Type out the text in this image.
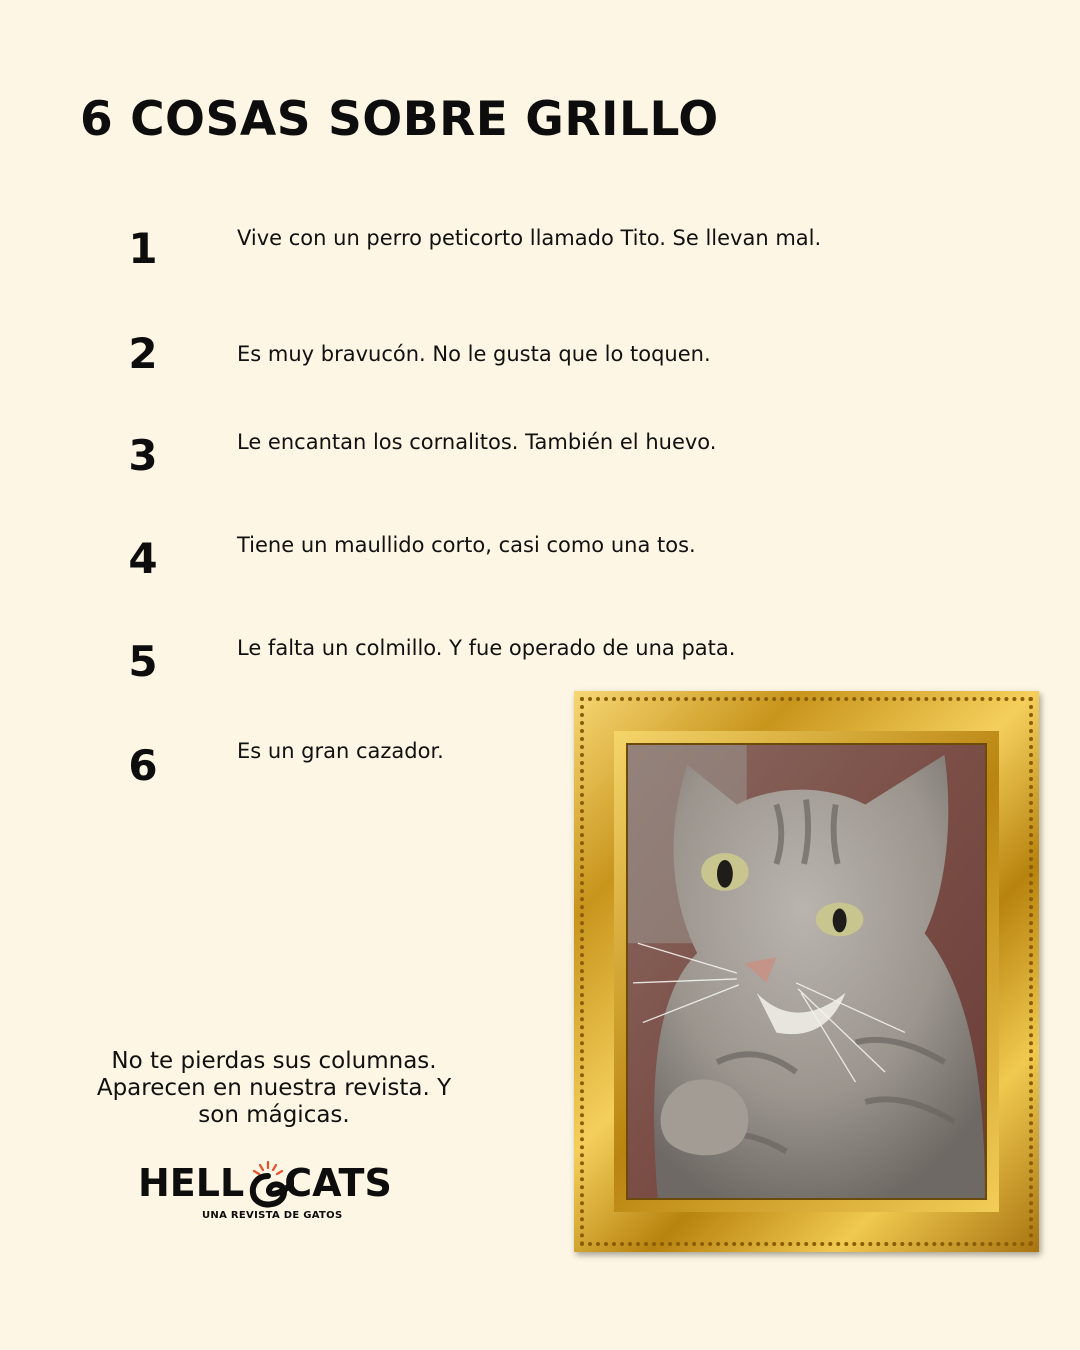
6 COSAS SOBRE GRILLO
1	Vive con un perro peticorto llamado Tito. Se llevan mal.
2	Es muy bravucón. No le gusta que lo toquen.
3	Le encantan los cornalitos. También el huevo.
4	Tiene un maullido corto, casi como una tos.
5	Le falta un colmillo. Y fue operado de una pata.
6	Es un gran cazador.
No te pierdas sus columnas. Aparecen en nuestra revista. Y son mágicas.
HELL CATS
UNA REVISTA DE GATOS
